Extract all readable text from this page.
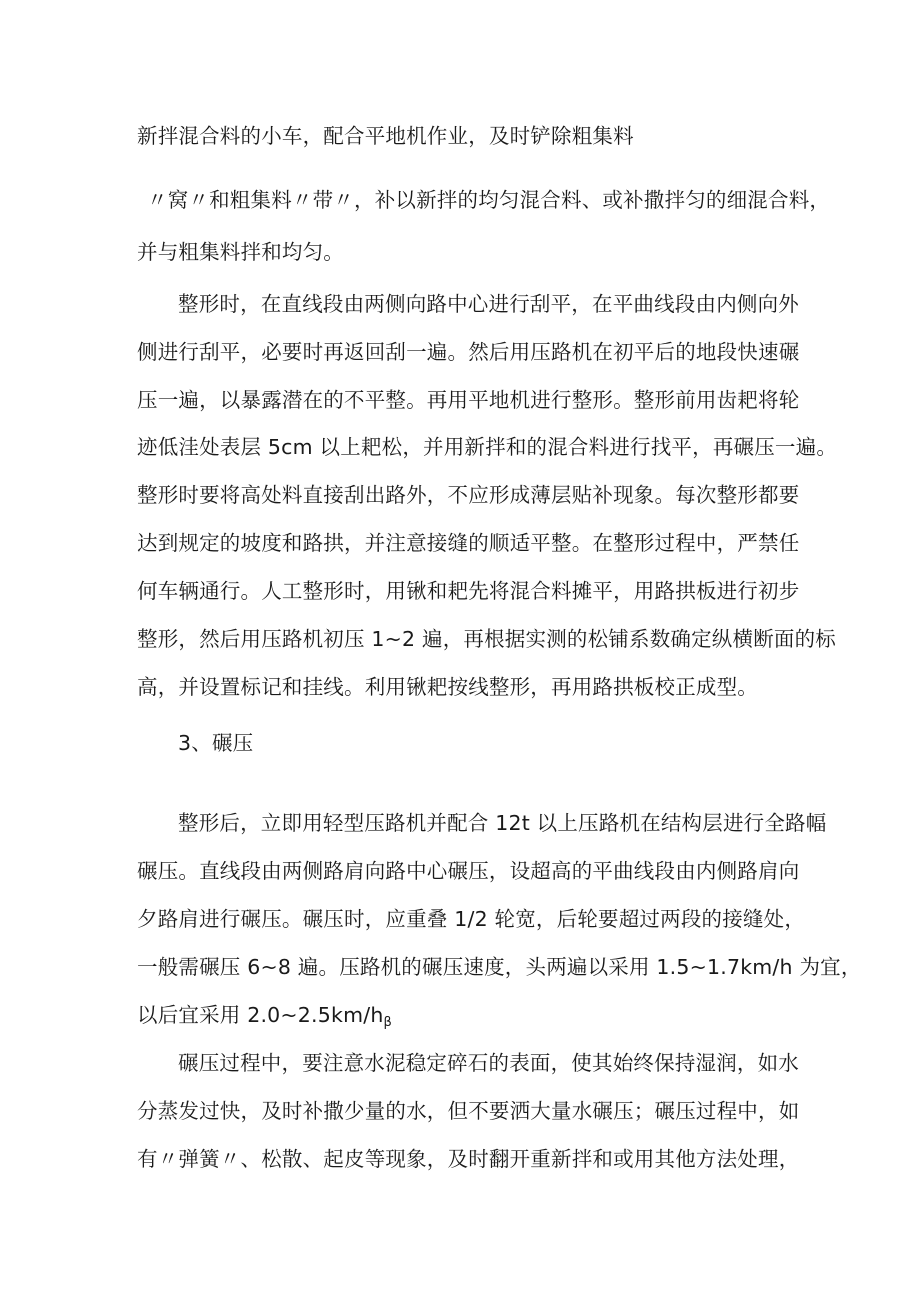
新拌混合料的小车，配合平地机作业，及时铲除粗集料
〃窝〃和粗集料〃带〃，补以新拌的均匀混合料、或补撒拌匀的细混合料，
并与粗集料拌和均匀。
整形时，在直线段由两侧向路中心进行刮平，在平曲线段由内侧向外
侧进行刮平，必要时再返回刮一遍。然后用压路机在初平后的地段快速碾
压一遍，以暴露潜在的不平整。再用平地机进行整形。整形前用齿耙将轮
迹低洼处表层 5cm 以上耙松，并用新拌和的混合料进行找平，再碾压一遍。
整形时要将高处料直接刮出路外，不应形成薄层贴补现象。每次整形都要
达到规定的坡度和路拱，并注意接缝的顺适平整。在整形过程中，严禁任
何车辆通行。人工整形时，用锹和耙先将混合料摊平，用路拱板进行初步
整形，然后用压路机初压 1~2 遍，再根据实测的松铺系数确定纵横断面的标
高，并设置标记和挂线。利用锹耙按线整形，再用路拱板校正成型。
3、碾压
整形后，立即用轻型压路机并配合 12t 以上压路机在结构层进行全路幅
碾压。直线段由两侧路肩向路中心碾压，设超高的平曲线段由内侧路肩向
夕路肩进行碾压。碾压时，应重叠 1/2 轮宽，后轮要超过两段的接缝处，
一般需碾压 6~8 遍。压路机的碾压速度，头两遍以采用 1.5~1.7km/h 为宜，
以后宜采用 $2.0\sim 2.5km/h_\beta$
碾压过程中，要注意水泥稳定碎石的表面，使其始终保持湿润，如水
分蒸发过快，及时补撒少量的水，但不要洒大量水碾压；碾压过程中，如
有〃弹簧〃、松散、起皮等现象，及时翻开重新拌和或用其他方法处理，
